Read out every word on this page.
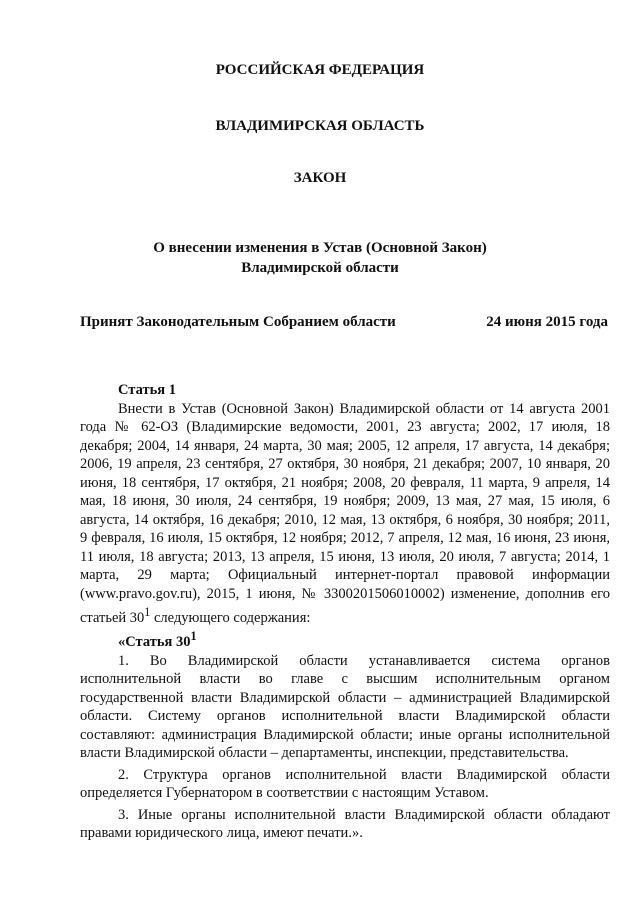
РОССИЙСКАЯ ФЕДЕРАЦИЯ
ВЛАДИМИРСКАЯ ОБЛАСТЬ
ЗАКОН
О внесении изменения в Устав (Основной Закон)
Владимирской области
Принят Законодательным Собранием области	24 июня 2015 года

Статья 1

Внести в Устав (Основной Закон) Владимирской области от 14 августа 2001 года № 62-ОЗ (Владимирские ведомости, 2001, 23 августа; 2002, 17 июля, 18 декабря; 2004, 14 января, 24 марта, 30 мая; 2005, 12 апреля, 17 августа, 14 декабря; 2006, 19 апреля, 23 сентября, 27 октября, 30 ноября, 21 декабря; 2007, 10 января, 20 июня, 18 сентября, 17 октября, 21 ноября; 2008, 20 февраля, 11 марта, 9 апреля, 14 мая, 18 июня, 30 июля, 24 сентября, 19 ноября; 2009, 13 мая, 27 мая, 15 июля, 6 августа, 14 октября, 16 декабря; 2010, 12 мая, 13 октября, 6 ноября, 30 ноября; 2011, 9 февраля, 16 июля, 15 октября, 12 ноября; 2012, 7 апреля, 12 мая, 16 июня, 23 июня, 11 июля, 18 августа; 2013, 13 апреля, 15 июня, 13 июля, 20 июля, 7 августа; 2014, 1 марта, 29 марта; Официальный интернет-портал правовой информации (www.pravo.gov.ru), 2015, 1 июня, № 3300201506010002) изменение, дополнив его статьей $30^1$ следующего содержания:

«Статья $30^1$

1. Во Владимирской области устанавливается система органов исполнительной власти во главе с высшим исполнительным органом государственной власти Владимирской области – администрацией Владимирской области. Систему органов исполнительной власти Владимирской области составляют: администрация Владимирской области; иные органы исполнительной власти Владимирской области – департаменты, инспекции, представительства.

2. Структура органов исполнительной власти Владимирской области определяется Губернатором в соответствии с настоящим Уставом.

3. Иные органы исполнительной власти Владимирской области обладают правами юридического лица, имеют печати.».
